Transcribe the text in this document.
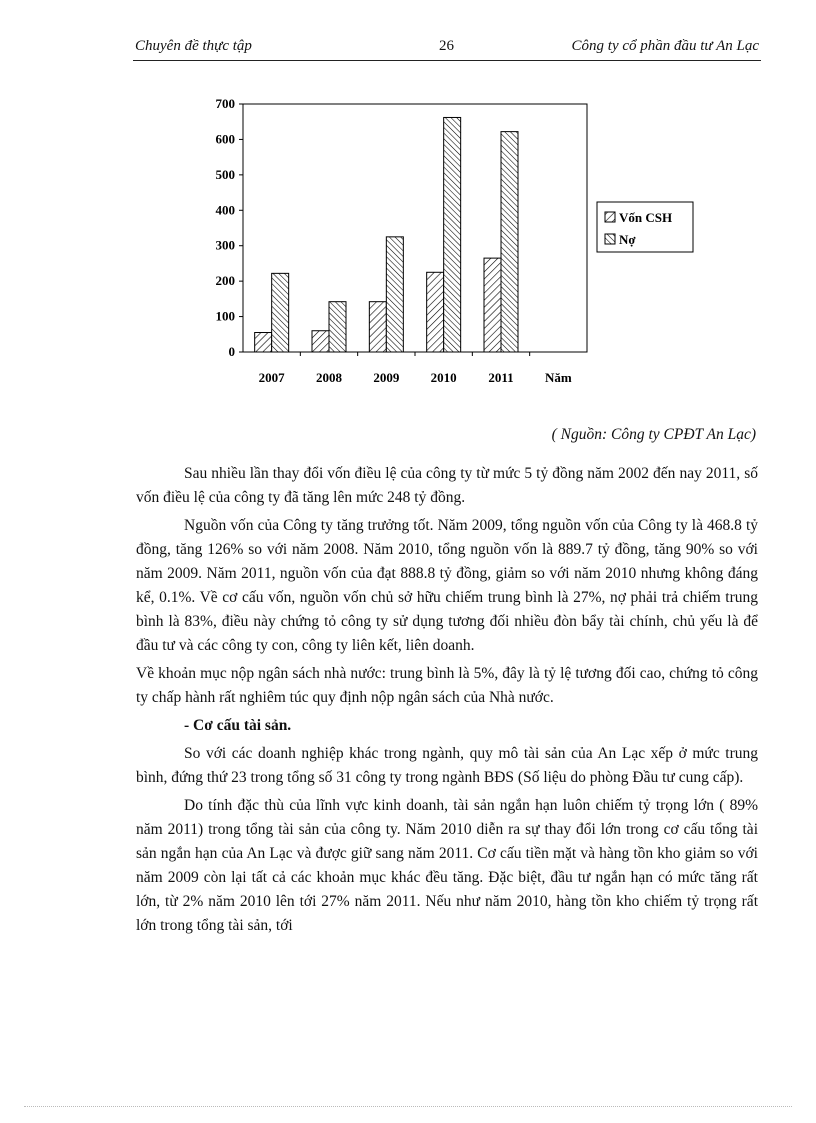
Chuyên đề thực tập	26	Công ty cổ phần đầu tư An Lạc
0
100
200
300
400
500
600
700
2007 2008 2009 2010 2011 Năm
Vốn CSH
Nợ
( Nguồn: Công ty CPĐT An Lạc)

Sau nhiều lần thay đổi vốn điều lệ của công ty từ mức 5 tỷ đồng năm 2002 đến nay 2011, số vốn điều lệ của công ty đã tăng lên mức 248 tỷ đồng.

Nguồn vốn của Công ty tăng trưởng tốt. Năm 2009, tổng nguồn vốn của Công ty là 468.8 tỷ đồng, tăng 126% so với năm 2008. Năm 2010, tổng nguồn vốn là 889.7 tỷ đồng, tăng 90% so với năm 2009. Năm 2011, nguồn vốn của đạt 888.8 tỷ đồng, giảm so với năm 2010 nhưng không đáng kể, 0.1%. Về cơ cấu vốn, nguồn vốn chủ sở hữu chiếm trung bình là 27%, nợ phải trả chiếm trung bình là 83%, điều này chứng tỏ công ty sử dụng tương đối nhiều đòn bẩy tài chính, chủ yếu là để đầu tư và các công ty con, công ty liên kết, liên doanh.

Về khoản mục nộp ngân sách nhà nước: trung bình là 5%, đây là tỷ lệ tương đối cao, chứng tỏ công ty chấp hành rất nghiêm túc quy định nộp ngân sách của Nhà nước.

- Cơ cấu tài sản.

So với các doanh nghiệp khác trong ngành, quy mô tài sản của An Lạc xếp ở mức trung bình, đứng thứ 23 trong tổng số 31 công ty trong ngành BĐS (Số liệu do phòng Đầu tư cung cấp).

Do tính đặc thù của lĩnh vực kinh doanh, tài sản ngắn hạn luôn chiếm tỷ trọng lớn ( 89% năm 2011) trong tổng tài sản của công ty. Năm 2010 diễn ra sự thay đổi lớn trong cơ cấu tổng tài sản ngắn hạn của An Lạc và được giữ sang năm 2011. Cơ cấu tiền mặt và hàng tồn kho giảm so với năm 2009 còn lại tất cả các khoản mục khác đều tăng. Đặc biệt, đầu tư ngắn hạn có mức tăng rất lớn, từ 2% năm 2010 lên tới 27% năm 2011. Nếu như năm 2010, hàng tồn kho chiếm tỷ trọng rất lớn trong tổng tài sản, tới
